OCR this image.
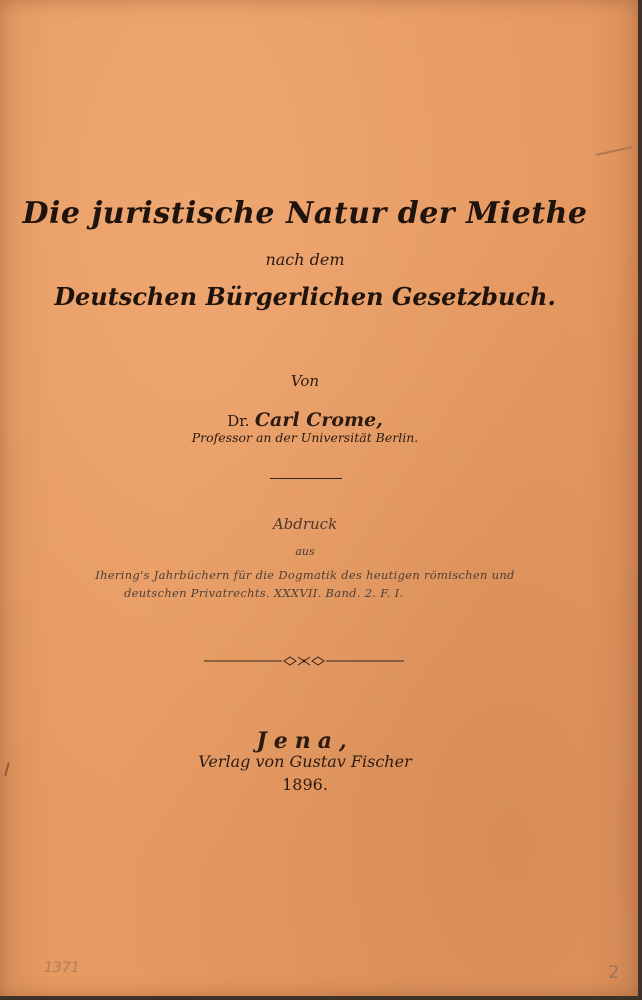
Die juristische Natur der Miethe
nach dem
Deutschen Bürgerlichen Gesetzbuch.
Von
Dr. Carl Crome,
Professor an der Universität Berlin.
Abdruck
aus
Ihering's Jahrbüchern für die Dogmatik des heutigen römischen und
deutschen Privatrechts. XXXVII. Band. 2. F. I.
Jena,
Verlag von Gustav Fischer
1896.
1371	2
